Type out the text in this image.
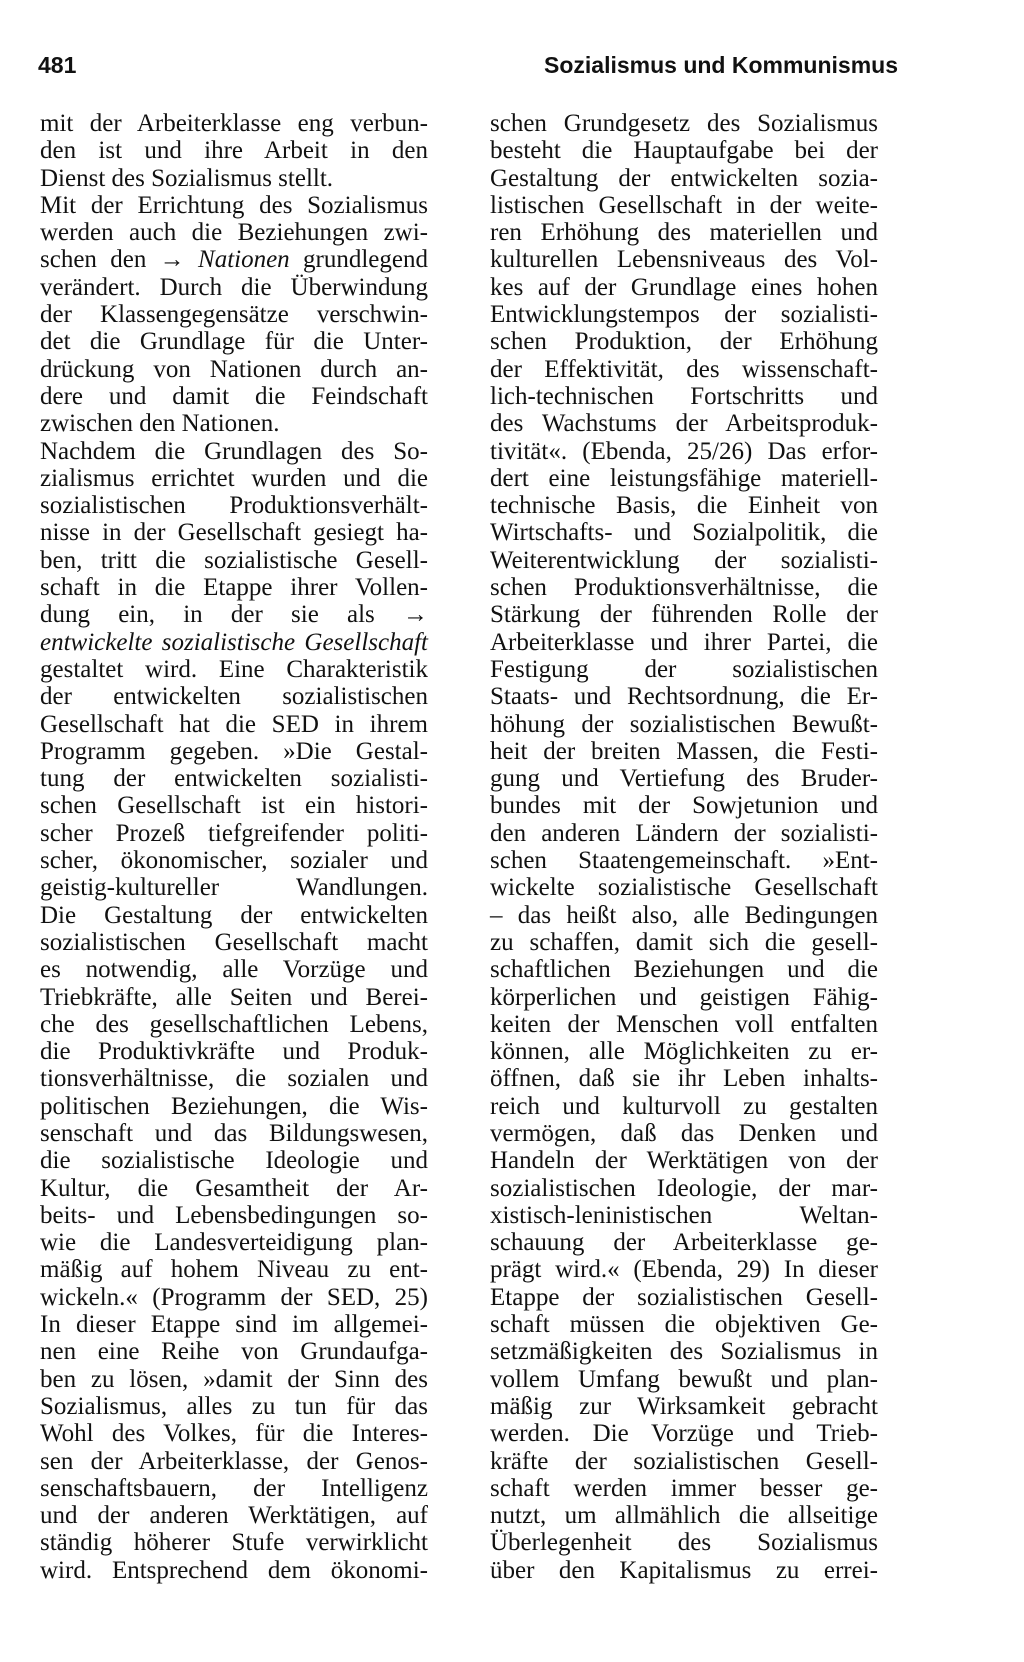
481	Sozialismus und Kommunismus
mit der Arbeiterklasse eng verbun-
den ist und ihre Arbeit in den
Dienst des Sozialismus stellt.
Mit der Errichtung des Sozialismus
werden auch die Beziehungen zwi-
schen den → Nationen grundlegend
verändert. Durch die Überwindung
der Klassengegensätze verschwin-
det die Grundlage für die Unter-
drückung von Nationen durch an-
dere und damit die Feindschaft
zwischen den Nationen.
Nachdem die Grundlagen des So-
zialismus errichtet wurden und die
sozialistischen Produktionsverhält-
nisse in der Gesellschaft gesiegt ha-
ben, tritt die sozialistische Gesell-
schaft in die Etappe ihrer Vollen-
dung ein, in der sie als →
entwickelte sozialistische Gesellschaft
gestaltet wird. Eine Charakteristik
der entwickelten sozialistischen
Gesellschaft hat die SED in ihrem
Programm gegeben. »Die Gestal-
tung der entwickelten sozialisti-
schen Gesellschaft ist ein histori-
scher Prozeß tiefgreifender politi-
scher, ökonomischer, sozialer und
geistig-kultureller Wandlungen.
Die Gestaltung der entwickelten
sozialistischen Gesellschaft macht
es notwendig, alle Vorzüge und
Triebkräfte, alle Seiten und Berei-
che des gesellschaftlichen Lebens,
die Produktivkräfte und Produk-
tionsverhältnisse, die sozialen und
politischen Beziehungen, die Wis-
senschaft und das Bildungswesen,
die sozialistische Ideologie und
Kultur, die Gesamtheit der Ar-
beits- und Lebensbedingungen so-
wie die Landesverteidigung plan-
mäßig auf hohem Niveau zu ent-
wickeln.« (Programm der SED, 25)
In dieser Etappe sind im allgemei-
nen eine Reihe von Grundaufga-
ben zu lösen, »damit der Sinn des
Sozialismus, alles zu tun für das
Wohl des Volkes, für die Interes-
sen der Arbeiterklasse, der Genos-
senschaftsbauern, der Intelligenz
und der anderen Werktätigen, auf
ständig höherer Stufe verwirklicht
wird. Entsprechend dem ökonomi-
schen Grundgesetz des Sozialismus
besteht die Hauptaufgabe bei der
Gestaltung der entwickelten sozia-
listischen Gesellschaft in der weite-
ren Erhöhung des materiellen und
kulturellen Lebensniveaus des Vol-
kes auf der Grundlage eines hohen
Entwicklungstempos der sozialisti-
schen Produktion, der Erhöhung
der Effektivität, des wissenschaft-
lich-technischen Fortschritts und
des Wachstums der Arbeitsproduk-
tivität«. (Ebenda, 25/26) Das erfor-
dert eine leistungsfähige materiell-
technische Basis, die Einheit von
Wirtschafts- und Sozialpolitik, die
Weiterentwicklung der sozialisti-
schen Produktionsverhältnisse, die
Stärkung der führenden Rolle der
Arbeiterklasse und ihrer Partei, die
Festigung der sozialistischen
Staats- und Rechtsordnung, die Er-
höhung der sozialistischen Bewußt-
heit der breiten Massen, die Festi-
gung und Vertiefung des Bruder-
bundes mit der Sowjetunion und
den anderen Ländern der sozialisti-
schen Staatengemeinschaft. »Ent-
wickelte sozialistische Gesellschaft
– das heißt also, alle Bedingungen
zu schaffen, damit sich die gesell-
schaftlichen Beziehungen und die
körperlichen und geistigen Fähig-
keiten der Menschen voll entfalten
können, alle Möglichkeiten zu er-
öffnen, daß sie ihr Leben inhalts-
reich und kulturvoll zu gestalten
vermögen, daß das Denken und
Handeln der Werktätigen von der
sozialistischen Ideologie, der mar-
xistisch-leninistischen Weltan-
schauung der Arbeiterklasse ge-
prägt wird.« (Ebenda, 29) In dieser
Etappe der sozialistischen Gesell-
schaft müssen die objektiven Ge-
setzmäßigkeiten des Sozialismus in
vollem Umfang bewußt und plan-
mäßig zur Wirksamkeit gebracht
werden. Die Vorzüge und Trieb-
kräfte der sozialistischen Gesell-
schaft werden immer besser ge-
nutzt, um allmählich die allseitige
Überlegenheit des Sozialismus
über den Kapitalismus zu errei-
